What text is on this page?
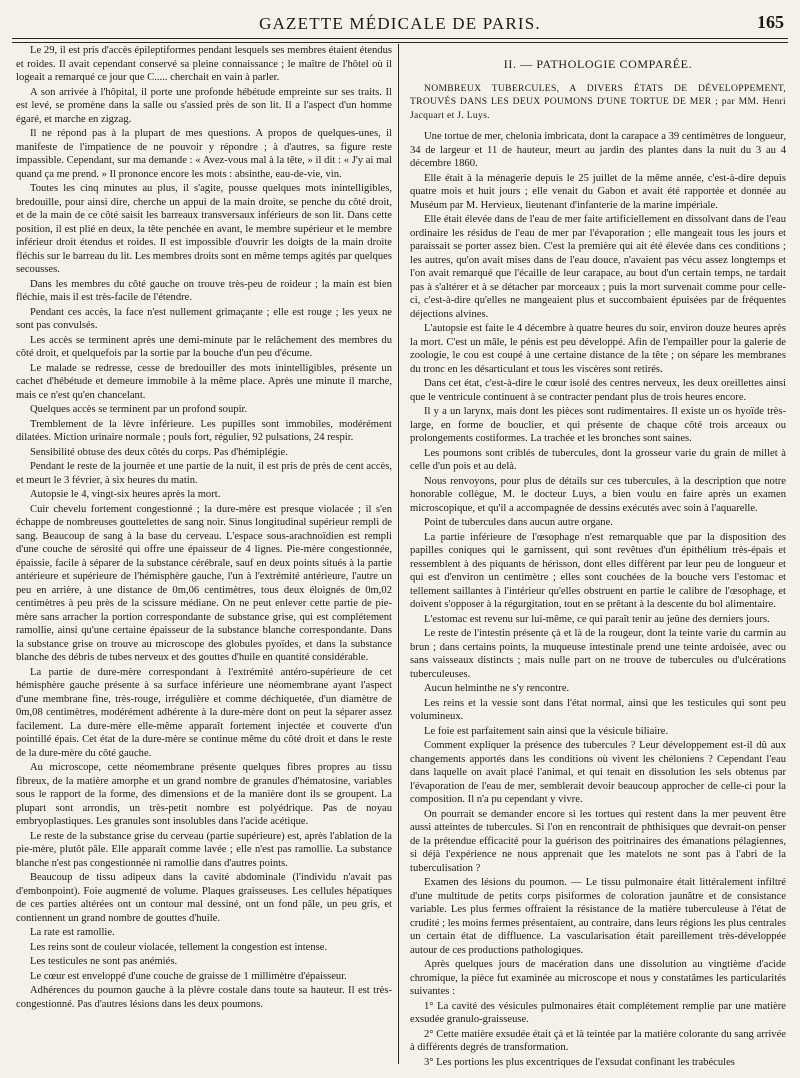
GAZETTE MÉDICALE DE PARIS.	165

Le 29, il est pris d'accès épileptiformes pendant lesquels ses membres étaient étendus et roides. Il avait cependant conservé sa pleine connaissance ; le maître de l'hôtel où il logeait a remarqué ce jour que C..... cherchait en vain à parler.

A son arrivée à l'hôpital, il porte une profonde hébétude empreinte sur ses traits. Il est levé, se promène dans la salle ou s'assied près de son lit. Il a l'aspect d'un homme égaré, et marche en zigzag.

Il ne répond pas à la plupart de mes questions. A propos de quelques-unes, il manifeste de l'impatience de ne pouvoir y répondre ; à d'autres, sa figure reste impassible. Cependant, sur ma demande : « Avez-vous mal à la tête, » il dit : « J'y ai mal quand ça me prend. » Il prononce encore les mots : absinthe, eau-de-vie, vin.

Toutes les cinq minutes au plus, il s'agite, pousse quelques mots inintelligibles, bredouille, pour ainsi dire, cherche un appui de la main droite, se penche du côté droit, et de la main de ce côté saisit les barreaux transversaux inférieurs de son lit. Dans cette position, il est plié en deux, la tête penchée en avant, le membre supérieur et le membre inférieur droit étendus et roides. Il est impossible d'ouvrir les doigts de la main droite fléchis sur le barreau du lit. Les membres droits sont en même temps agités par quelques secousses.

Dans les membres du côté gauche on trouve très-peu de roideur ; la main est bien fléchie, mais il est très-facile de l'étendre.

Pendant ces accès, la face n'est nullement grimaçante ; elle est rouge ; les yeux ne sont pas convulsés.

Les accès se terminent après une demi-minute par le relâchement des membres du côté droit, et quelquefois par la sortie par la bouche d'un peu d'écume.

Le malade se redresse, cesse de bredouiller des mots inintelligibles, présente un cachet d'hébétude et demeure immobile à la même place. Après une minute il marche, mais ce n'est qu'en chancelant.

Quelques accès se terminent par un profond soupir.

Tremblement de la lèvre inférieure. Les pupilles sont immobiles, modérément dilatées. Miction urinaire normale ; pouls fort, régulier, 92 pulsations, 24 respir.

Sensibilité obtuse des deux côtés du corps. Pas d'hémiplégie.

Pendant le reste de la journée et une partie de la nuit, il est pris de près de cent accès, et meurt le 3 février, à six heures du matin.

Autopsie le 4, vingt-six heures après la mort.

Cuir chevelu fortement congestionné ; la dure-mère est presque violacée ; il s'en échappe de nombreuses gouttelettes de sang noir. Sinus longitudinal supérieur rempli de sang. Beaucoup de sang à la base du cerveau. L'espace sous-arachnoïdien est rempli d'une couche de sérosité qui offre une épaisseur de 4 lignes. Pie-mère congestionnée, épaissie, facile à séparer de la substance cérébrale, sauf en deux points situés à la partie antérieure et supérieure de l'hémisphère gauche, l'un à l'extrémité antérieure, l'autre un peu en arrière, à une distance de 0m,06 centimètres, tous deux éloignés de 0m,02 centimètres à peu près de la scissure médiane. On ne peut enlever cette partie de pie-mère sans arracher la portion correspondante de substance grise, qui est complétement ramollie, ainsi qu'une certaine épaisseur de la substance blanche correspondante. Dans la substance grise on trouve au microscope des globules pyoïdes, et dans la substance blanche des débris de tubes nerveux et des gouttes d'huile en quantité considérable.

La partie de dure-mère correspondant à l'extrémité antéro-supérieure de cet hémisphère gauche présente à sa surface inférieure une néomembrane ayant l'aspect d'une membrane fine, très-rouge, irrégulière et comme déchiquetée, d'un diamètre de 0m,08 centimètres, modérément adhérente à la dure-mère dont on peut la séparer assez facilement. La dure-mère elle-même apparaît fortement injectée et couverte d'un pointillé épais. Cet état de la dure-mère se continue même du côté droit et dans le reste de la dure-mère du côté gauche.

Au microscope, cette néomembrane présente quelques fibres propres au tissu fibreux, de la matière amorphe et un grand nombre de granules d'hématosine, variables sous le rapport de la forme, des dimensions et de la manière dont ils se groupent. La plupart sont arrondis, un très-petit nombre est polyédrique. Pas de noyau embryoplastiques. Les granules sont insolubles dans l'acide acétique.

Le reste de la substance grise du cerveau (partie supérieure) est, après l'ablation de la pie-mère, plutôt pâle. Elle apparaît comme lavée ; elle n'est pas ramollie. La substance blanche n'est pas congestionnée ni ramollie dans d'autres points.

Beaucoup de tissu adipeux dans la cavité abdominale (l'individu n'avait pas d'embonpoint). Foie augmenté de volume. Plaques graisseuses. Les cellules hépatiques de ces parties altérées ont un contour mal dessiné, ont un fond pâle, un peu gris, et contiennent un grand nombre de gouttes d'huile.

La rate est ramollie.

Les reins sont de couleur violacée, tellement la congestion est intense.

Les testicules ne sont pas anémiés.

Le cœur est enveloppé d'une couche de graisse de 1 millimètre d'épaisseur.

Adhérences du poumon gauche à la plèvre costale dans toute sa hauteur. Il est très-congestionné. Pas d'autres lésions dans les deux poumons.

II. — PATHOLOGIE COMPARÉE.

NOMBREUX TUBERCULES, A DIVERS ÉTATS DE DÉVELOPPEMENT, TROUVÉS DANS LES DEUX POUMONS D'UNE TORTUE DE MER ; par MM. Henri Jacquart et J. Luys.

Une tortue de mer, chelonia imbricata, dont la carapace a 39 centimètres de longueur, 34 de largeur et 11 de hauteur, meurt au jardin des plantes dans la nuit du 3 au 4 décembre 1860.

Elle était à la ménagerie depuis le 25 juillet de la même année, c'est-à-dire depuis quatre mois et huit jours ; elle venait du Gabon et avait été rapportée et donnée au Muséum par M. Hervieux, lieutenant d'infanterie de la marine impériale.

Elle était élevée dans de l'eau de mer faite artificiellement en dissolvant dans de l'eau ordinaire les résidus de l'eau de mer par l'évaporation ; elle mangeait tous les jours et paraissait se porter assez bien. C'est la première qui ait été élevée dans ces conditions ; les autres, qu'on avait mises dans de l'eau douce, n'avaient pas vécu assez longtemps et l'on avait remarqué que l'écaille de leur carapace, au bout d'un certain temps, ne tardait pas à s'altérer et à se détacher par morceaux ; puis la mort survenait comme pour celle-ci, c'est-à-dire qu'elles ne mangeaient plus et succombaient épuisées par de fréquentes déjections alvines.

L'autopsie est faite le 4 décembre à quatre heures du soir, environ douze heures après la mort. C'est un mâle, le pénis est peu développé. Afin de l'empailler pour la galerie de zoologie, le cou est coupé à une certaine distance de la tête ; on sépare les membranes du tronc en les désarticulant et tous les viscères sont retirés.

Dans cet état, c'est-à-dire le cœur isolé des centres nerveux, les deux oreillettes ainsi que le ventricule continuent à se contracter pendant plus de trois heures encore.

Il y a un larynx, mais dont les pièces sont rudimentaires. Il existe un os hyoïde très-large, en forme de bouclier, et qui présente de chaque côté trois arceaux ou prolongements costiformes. La trachée et les bronches sont saines.

Les poumons sont criblés de tubercules, dont la grosseur varie du grain de millet à celle d'un pois et au delà.

Nous renvoyons, pour plus de détails sur ces tubercules, à la description que notre honorable collègue, M. le docteur Luys, a bien voulu en faire après un examen microscopique, et qu'il a accompagnée de dessins exécutés avec soin à l'aquarelle.

Point de tubercules dans aucun autre organe.

La partie inférieure de l'œsophage n'est remarquable que par la disposition des papilles coniques qui le garnissent, qui sont revêtues d'un épithélium très-épais et ressemblent à des piquants de hérisson, dont elles diffèrent par leur peu de longueur et qui est d'environ un centimètre ; elles sont couchées de la bouche vers l'estomac et tellement saillantes à l'intérieur qu'elles obstruent en partie le calibre de l'œsophage, et doivent s'opposer à la régurgitation, tout en se prêtant à la descente du bol alimentaire.

L'estomac est revenu sur lui-même, ce qui paraît tenir au jeûne des derniers jours.

Le reste de l'intestin présente çà et là de la rougeur, dont la teinte varie du carmin au brun ; dans certains points, la muqueuse intestinale prend une teinte ardoisée, avec ou sans vaisseaux distincts ; mais nulle part on ne trouve de tubercules ou d'ulcérations tuberculeuses.

Aucun helminthe ne s'y rencontre.

Les reins et la vessie sont dans l'état normal, ainsi que les testicules qui sont peu volumineux.

Le foie est parfaitement sain ainsi que la vésicule biliaire.

Comment expliquer la présence des tubercules ? Leur développement est-il dû aux changements apportés dans les conditions où vivent les chéloniens ? Cependant l'eau dans laquelle on avait placé l'animal, et qui tenait en dissolution les sels obtenus par l'évaporation de l'eau de mer, semblerait devoir beaucoup approcher de celle-ci pour la composition. Il n'a pu cependant y vivre.

On pourrait se demander encore si les tortues qui restent dans la mer peuvent être aussi atteintes de tubercules. Si l'on en rencontrait de phthisiques que devrait-on penser de la prétendue efficacité pour la guérison des poitrinaires des émanations pélagiennes, si déjà l'expérience ne nous apprenait que les matelots ne sont pas à l'abri de la tuberculisation ?

Examen des lésions du poumon. — Le tissu pulmonaire était littéralement infiltré d'une multitude de petits corps pisiformes de coloration jaunâtre et de consistance variable. Les plus fermes offraient la résistance de la matière tuberculeuse à l'état de crudité ; les moins fermes présentaient, au contraire, dans leurs régions les plus centrales un certain état de diffluence. La vascularisation était pareillement très-développée autour de ces productions pathologiques.

Après quelques jours de macération dans une dissolution au vingtième d'acide chromique, la pièce fut examinée au microscope et nous y constatâmes les particularités suivantes :

1° La cavité des vésicules pulmonaires était complétement remplie par une matière exsudée granulo-graisseuse.

2° Cette matière exsudée était çà et là teintée par la matière colorante du sang arrivée à différents degrés de transformation.

3° Les portions les plus excentriques de l'exsudat confinant les trabécules
